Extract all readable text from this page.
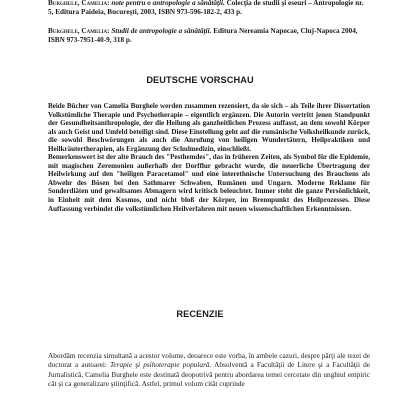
Burghele, Camelia: note pentru o antropologie a sănătăţii. Colecţia de studii şi eseuri – Antropologie nr. 5, Editura Paideia, Bucureşti, 2003, ISBN 973-596-182-2, 433 p.
Burghele, Camelia: Studii de antropologie a sănătăţii. Editura Nereamia Napocae, Cluj-Napoca 2004, ISBN 973-7951-40-9, 318 p.
DEUTSCHE VORSCHAU

Beide Bücher von Camelia Burghele werden zusammen rezensiert, da sie sich – als Teile ihrer Dissertation Volkstümliche Therapie und Psychotherapie – eigentlich ergänzen. Die Autorin vertritt jenen Standpunkt der Gesundheitsanthropologie, der die Heilung als ganzheitlichen Prozess auffasst, an dem sowohl Körper als auch Geist und Umfeld beteiligt sind. Diese Einstellung geht auf die rumänische Volksheilkunde zurück, die sowohl Beschwörungen als auch die Anrufung von heiligen Wundertätern, Heilpraktiken und Heilkräutertherapien, als Ergänzung der Schulmedizin, einschließt.

Bemerkenswert ist der alte Brauch des "Pesthemdes", das in früheren Zeiten, als Symbol für die Epidemie, mit magischen Zeremonien außerhalb der Dorfflur gebracht wurde, die neuerliche Übertragung der Heilwirkung auf den "heiligen Paracetamol" und eine interethnische Untersuchung des Brauchens als Abwehr des Bösen bei den Sathmarer Schwaben, Rumänen und Ungarn. Moderne Reklame für Sonderdiäten und gewaltsames Abmagern wird kritisch beleuchtet. Immer steht die ganze Persönlichkeit, in Einheit mit dem Kosmos, und nicht bloß der Körper, im Brennpunkt des Heilprozesses. Diese Auffassung verbindet die volkstümlichen Heilverfahren mit neuen wissenschaftlichen Erkenntnissen.

RECENZIE
Abordăm recenzia simultană a acestor volume, deoarece este vorba, în ambele cazuri, despre părţi ale tezei de doctorat a autoarei: Terapie şi psihoterapie populară. Absolventă a Facultăţii de Litere şi a Facultăţii de Jurnalistică, Camelia Burghele este destinată deopotrivă pentru abordarea temei cercetate din unghiul empiric cât şi ca generalizare ştiinţifică. Astfel, primul volum cităt cuprinde
